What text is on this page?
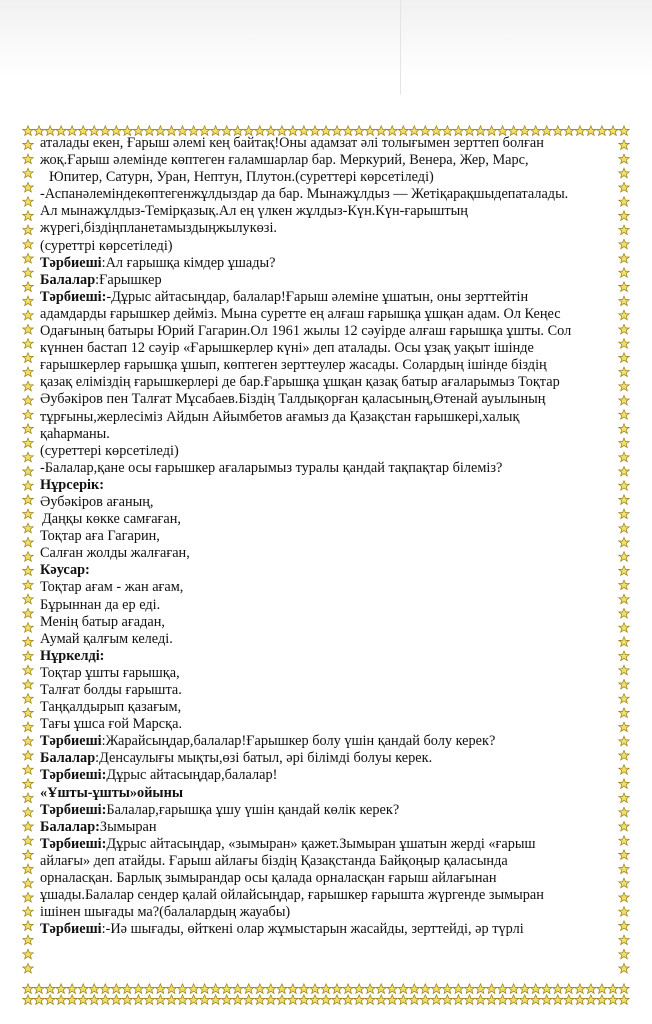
аталады екен, Ғарыш әлемі кең байтақ!Оны адамзат әлі толығымен зерттеп болған
жоқ.Ғарыш әлемінде көптеген ғаламшарлар бар. Меркурий, Венера, Жер, Марс,
Юпитер, Сатурн, Уран, Нептун, Плутон.(суреттері көрсетіледі)
-Аспанәлеміндекөптегенжұлдыздар да бар. Мынажұлдыз — Жетіқарақшыдепаталады.
Ал мынажұлдыз-Темірқазық.Ал ең үлкен жұлдыз-Күн.Күн-ғарыштың
жүрегі,біздіңпланетамыздыңжылукөзі.
(суреттрі көрсетіледі)
Тәрбиеші:Ал ғарышқа кімдер ұшады?
Балалар:Ғарышкер
Тәрбиеші:-Дұрыс айтасыңдар, балалар!Ғарыш әлеміне ұшатын, оны зерттейтін
адамдарды ғарышкер дейміз. Мына суретте ең алғаш ғарышқа ұшқан адам. Ол Кеңес
Одағының батыры Юрий Гагарин.Ол 1961 жылы 12 сәуірде алғаш ғарышқа ұшты. Сол
күннен бастап 12 сәуір «Ғарышкерлер күні» деп аталады. Осы ұзақ уақыт ішінде
ғарышкерлер ғарышқа ұшып, көптеген зерттеулер жасады. Солардың ішінде біздің
қазақ еліміздің ғарышкерлері де бар.Ғарышқа ұшқан қазақ батыр ағаларымыз Тоқтар
Әубәкіров пен Талғат Мұсабаев.Біздің Талдықорған қаласының,Өтенай ауылының
тұрғыны,жерлесіміз Айдын Айымбетов ағамыз да Қазақстан ғарышкері,халық
қаһарманы.
(суреттері көрсетіледі)
-Балалар,қане осы ғарышкер ағаларымыз туралы қандай тақпақтар білеміз?
Нұрсерік:
Әубәкіров ағаның,
Даңқы көкке самғаған,
Тоқтар аға Гагарин,
Салған жолды жалғаған,
Кәусар:
Тоқтар ағам - жан ағам,
Бұрыннан да ер еді.
Менің батыр ағадан,
Аумай қалғым келеді.
Нұркелді:
Тоқтар ұшты ғарышқа,
Талғат болды ғарышта.
Таңқалдырып қазағым,
Тағы ұшса ғой Марсқа.
Тәрбиеші:Жарайсыңдар,балалар!Ғарышкер болу үшін қандай болу керек?
Балалар:Денсаулығы мықты,өзі батыл, әрі білімді болуы керек.
Тәрбиеші:Дұрыс айтасыңдар,балалар!
«Ұшты-ұшты»ойыны
Тәрбиеші:Балалар,ғарышқа ұшу үшін қандай көлік керек?
Балалар:Зымыран
Тәрбиеші:Дұрыс айтасыңдар, «зымыран» қажет.Зымыран ұшатын жерді «ғарыш
айлағы» деп атайды. Ғарыш айлағы біздің Қазақстанда Байқоңыр қаласында
орналасқан. Барлық зымырандар осы қалада орналасқан ғарыш айлағынан
ұшады.Балалар сендер қалай ойлайсыңдар, ғарышкер ғарышта жүргенде зымыран
ішінен шығады ма?(балалардың жауабы)
Тәрбиеші:-Иә шығады, өйткені олар жұмыстарын жасайды, зерттейді, әр түрлі
